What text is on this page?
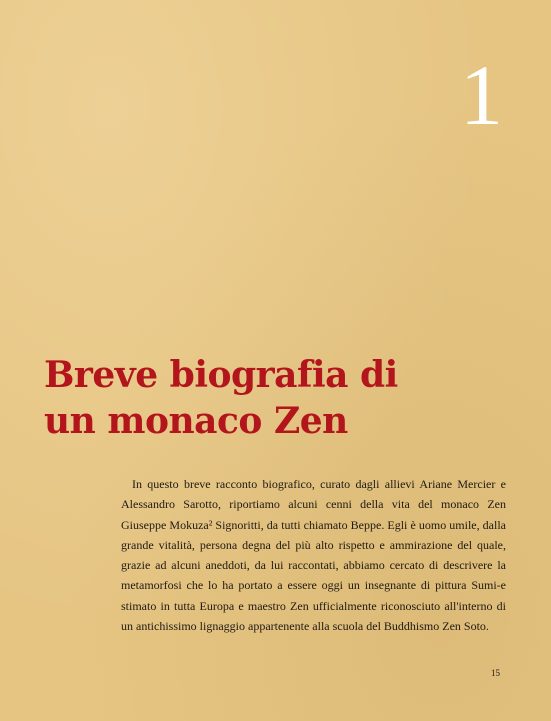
1
Breve biografia di
un monaco Zen

In questo breve racconto biografico, curato dagli allievi Ariane Mercier e Alessandro Sarotto, riportiamo alcuni cenni della vita del monaco Zen Giuseppe Mokuza² Signoritti, da tutti chiamato Beppe. Egli è uomo umile, dalla grande vitalità, persona degna del più alto rispetto e ammirazione del quale, grazie ad alcuni aneddoti, da lui raccontati, abbiamo cercato di descrivere la metamorfosi che lo ha portato a essere oggi un insegnante di pittura Sumi-e stimato in tutta Europa e maestro Zen ufficialmente riconosciuto all'interno di un antichissimo lignaggio appartenente alla scuola del Buddhismo Zen Soto.

15
